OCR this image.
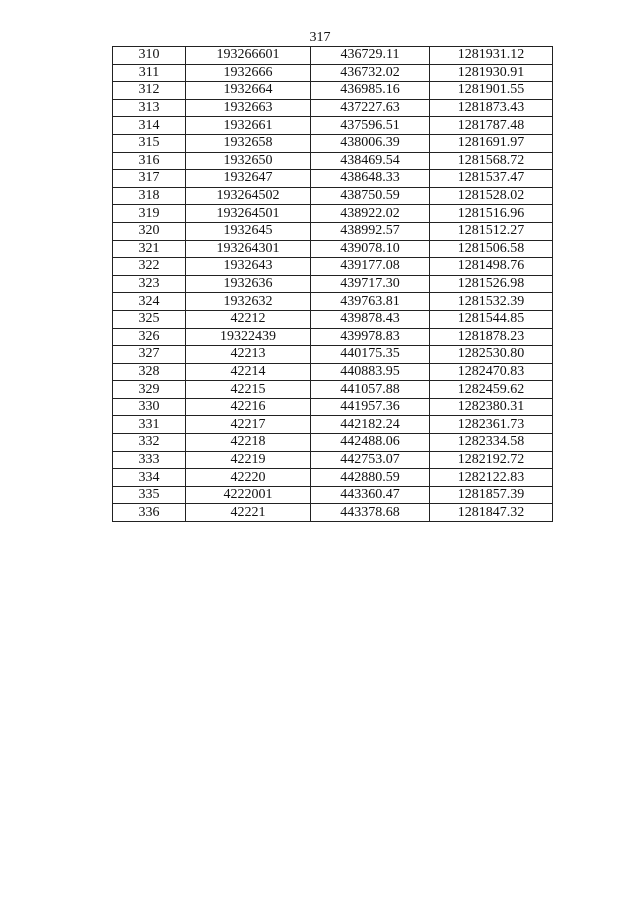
317
310	193266601	436729.11	1281931.12
311	1932666	436732.02	1281930.91
312	1932664	436985.16	1281901.55
313	1932663	437227.63	1281873.43
314	1932661	437596.51	1281787.48
315	1932658	438006.39	1281691.97
316	1932650	438469.54	1281568.72
317	1932647	438648.33	1281537.47
318	193264502	438750.59	1281528.02
319	193264501	438922.02	1281516.96
320	1932645	438992.57	1281512.27
321	193264301	439078.10	1281506.58
322	1932643	439177.08	1281498.76
323	1932636	439717.30	1281526.98
324	1932632	439763.81	1281532.39
325	42212	439878.43	1281544.85
326	19322439	439978.83	1281878.23
327	42213	440175.35	1282530.80
328	42214	440883.95	1282470.83
329	42215	441057.88	1282459.62
330	42216	441957.36	1282380.31
331	42217	442182.24	1282361.73
332	42218	442488.06	1282334.58
333	42219	442753.07	1282192.72
334	42220	442880.59	1282122.83
335	4222001	443360.47	1281857.39
336	42221	443378.68	1281847.32
